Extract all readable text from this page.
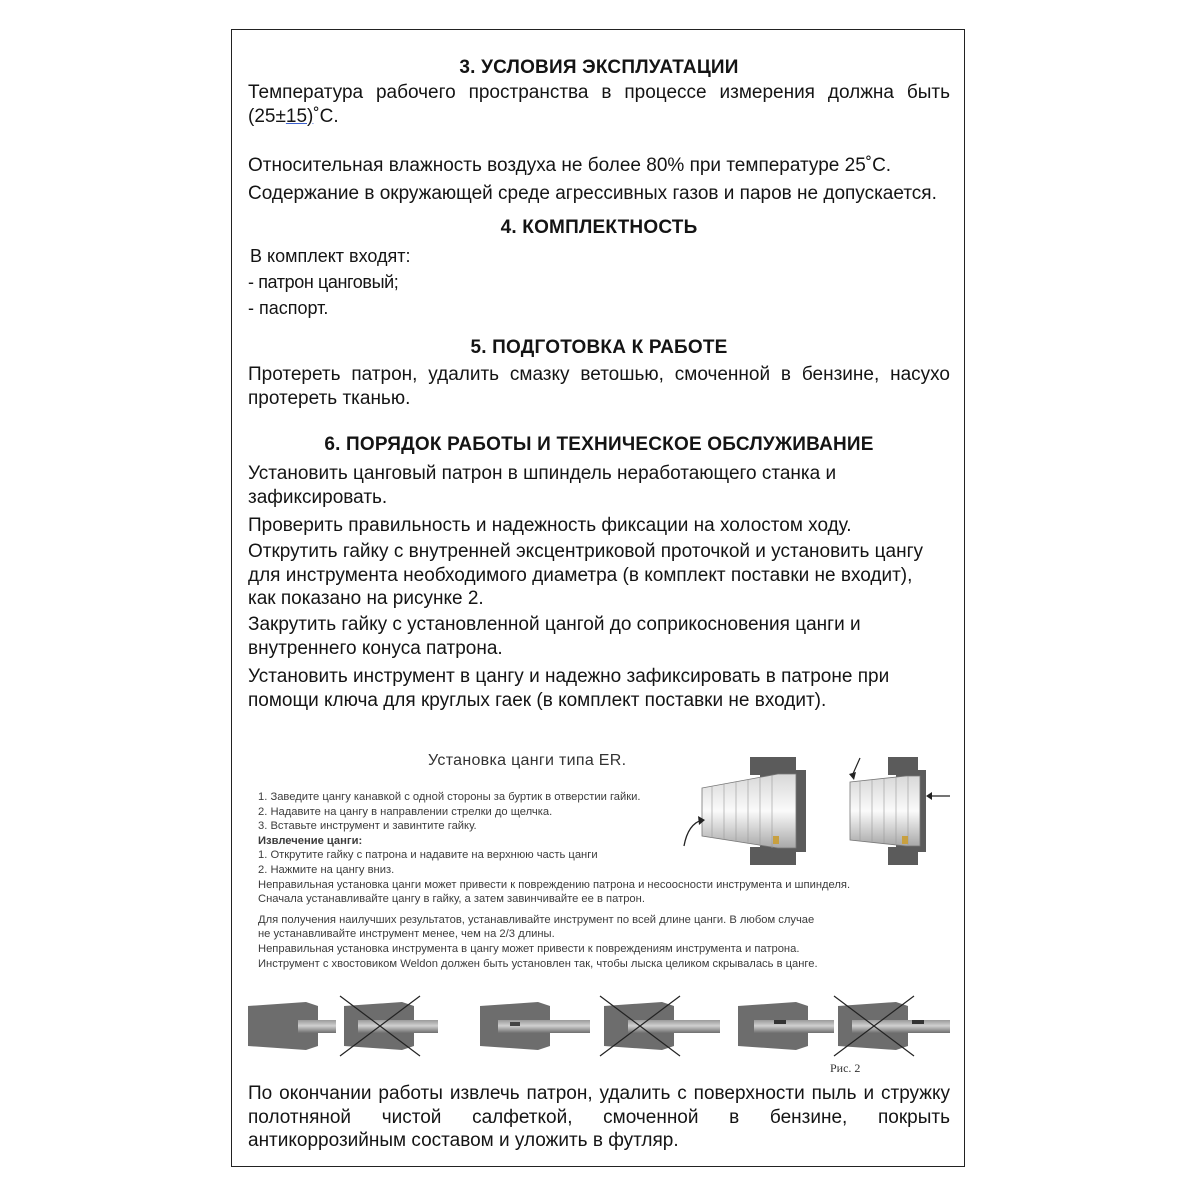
3. УСЛОВИЯ ЭКСПЛУАТАЦИИ

Температура рабочего пространства в процессе измерения должна быть (25±15)˚С.

Относительная влажность воздуха не более 80% при температуре 25˚С.

Содержание в окружающей среде агрессивных газов и паров не допускается.

4. КОМПЛЕКТНОСТЬ

В комплект входят:

- патрон цанговый;

- паспорт.

5. ПОДГОТОВКА К РАБОТЕ

Протереть патрон, удалить смазку ветошью, смоченной в бензине, насухо протереть тканью.

6. ПОРЯДОК РАБОТЫ И ТЕХНИЧЕСКОЕ ОБСЛУЖИВАНИЕ

Установить цанговый патрон в шпиндель неработающего станка и зафиксировать.

Проверить правильность и надежность фиксации на холостом ходу.

Открутить гайку с внутренней эксцентриковой проточкой и установить цангу для инструмента необходимого диаметра (в комплект поставки не входит), как показано на рисунке 2.

Закрутить гайку с установленной цангой до соприкосновения цанги и внутреннего конуса патрона.

Установить инструмент в цангу и надежно зафиксировать в патроне при помощи ключа для круглых гаек (в комплект поставки не входит).

Установка цанги типа ER.
1. Заведите цангу канавкой с одной стороны за буртик в отверстии гайки.
2. Надавите на цангу в направлении стрелки до щелчка.
3. Вставьте инструмент и завинтите гайку.
Извлечение цанги:
1. Открутите гайку с патрона и надавите на верхнюю часть цанги
2. Нажмите на цангу вниз.
Неправильная установка цанги может привести к повреждению патрона и несоосности инструмента и шпинделя.
Сначала устанавливайте цангу в гайку, а затем завинчивайте ее в патрон.
Для получения наилучших результатов, устанавливайте инструмент по всей длине цанги. В любом случае
не устанавливайте инструмент менее, чем на 2/3 длины.
Неправильная установка инструмента в цангу может привести к повреждениям инструмента и патрона.
Инструмент с хвостовиком Weldon должен быть установлен так, чтобы лыска целиком скрывалась в цанге.
Рис. 2

По окончании работы извлечь патрон, удалить с поверхности пыль и стружку полотняной чистой салфеткой, смоченной в бензине, покрыть антикоррозийным составом и уложить в футляр.
